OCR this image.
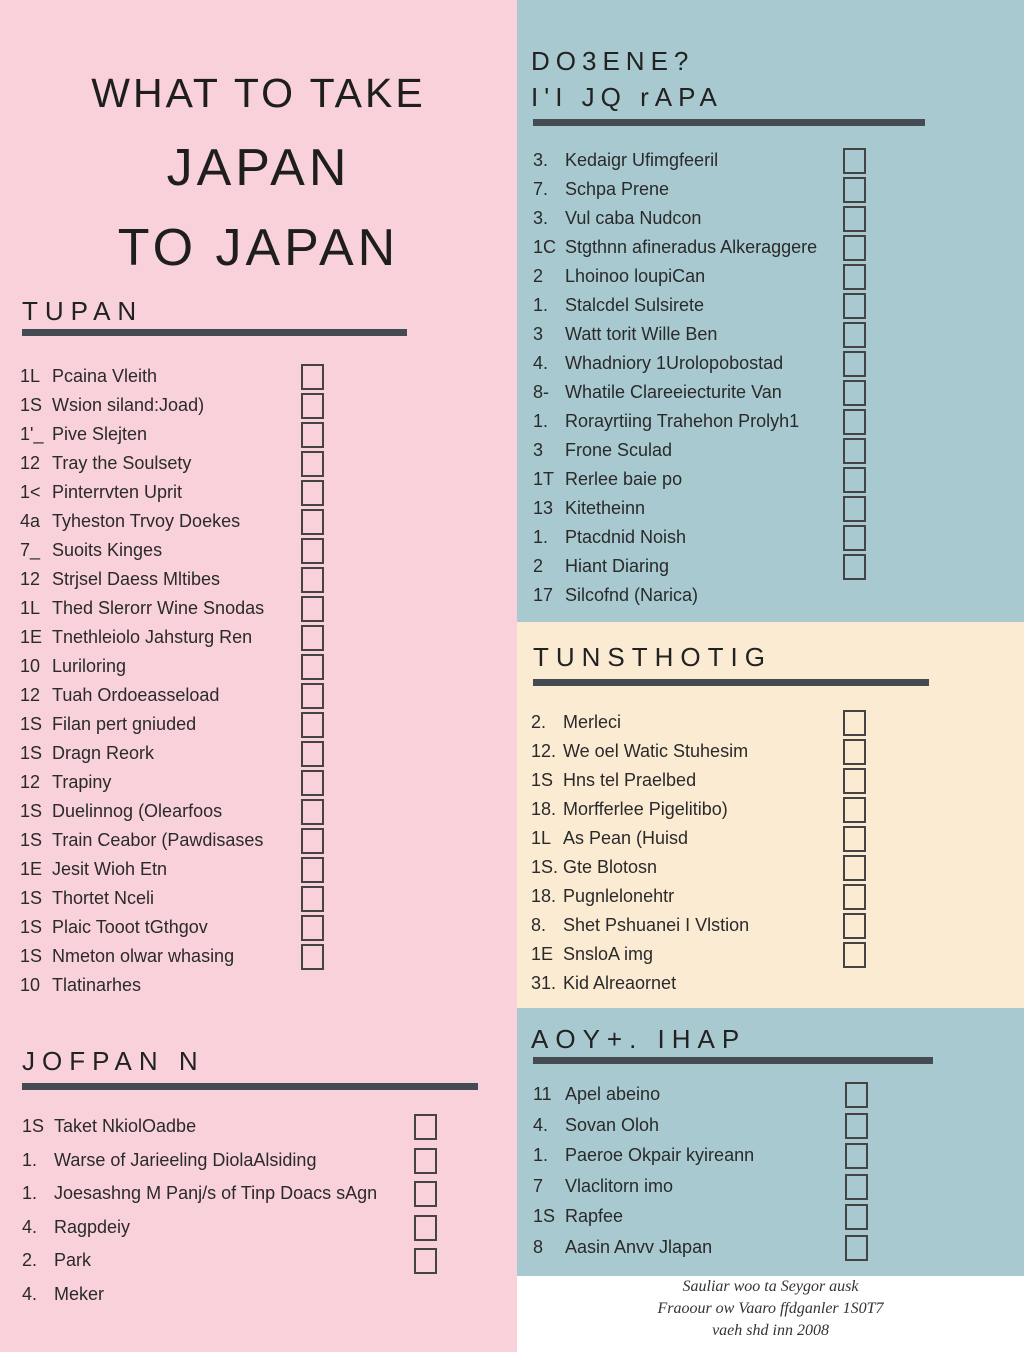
WHAT TO TAKE
JAPAN
TO JAPAN
TUPAN
1L Pcaina Vleith
1S Wsion siland:Joad)
1'_ Pive Slejten
12 Tray the Soulsety
1< Pinterrvten Uprit
4a Tyheston Trvoy Doekes
7_ Suoits Kinges
12 Strjsel Daess Mltibes
1L Thed Slerorr Wine Snodas
1E Tnethleiolo Jahsturg Ren
10 Luriloring
12 Tuah Ordoeasseload
1S Filan pert gniuded
1S Dragn Reork
12 Trapiny
1S Duelinnog (Olearfoos
1S Train Ceabor (Pawdisases
1E Jesit Wioh Etn
1S Thortet Nceli
1S Plaic Tooot tGthgov
1S Nmeton olwar whasing
10 Tlatinarhes
JOFPAN N
1S Taket NkiolOadbe
1. Warse of Jarieeling DiolaAlsiding
1. Joesashng M Panj/s of Tinp Doacs sAgn
4. Ragpdeiy
2. Park
4. Meker
DO3ENE?
I'I JQ rAPA
3. Kedaigr Ufimgfeeril
7. Schpa Prene
3. Vul caba Nudcon
1C Stgthnn afineradus Alkeraggere
2 Lhoinoo loupiCan
1. Stalcdel Sulsirete
3 Watt torit Wille Ben
4. Whadniory 1Urolopobostad
8- Whatile Clareeiecturite Van
1. Rorayrtiing Trahehon Prolyh1
3 Frone Sculad
1T Rerlee baie po
13 Kitetheinn
1. Ptacdnid Noish
2 Hiant Diaring
17 Silcofnd (Narica)
TUNSTHOTIG
2. Merleci
12. We oel Watic Stuhesim
1S Hns tel Praelbed
18. Morfferlee Pigelitibo)
1L As Pean (Huisd
1S. Gte Blotosn
18. Pugnlelonehtr
8. Shet Pshuanei I Vlstion
1E SnsloA img
31. Kid Alreaornet
AOY+. IHAP
11 Apel abeino
4. Sovan Oloh
1. Paeroe Okpair kyireann
7 Vlaclitorn imo
1S Rapfee
8 Aasin Anvv Jlapan
Sauliar woo ta Seygor ausk
Fraoour ow Vaaro ffdganler 1S0T7
vaeh shd inn 2008
